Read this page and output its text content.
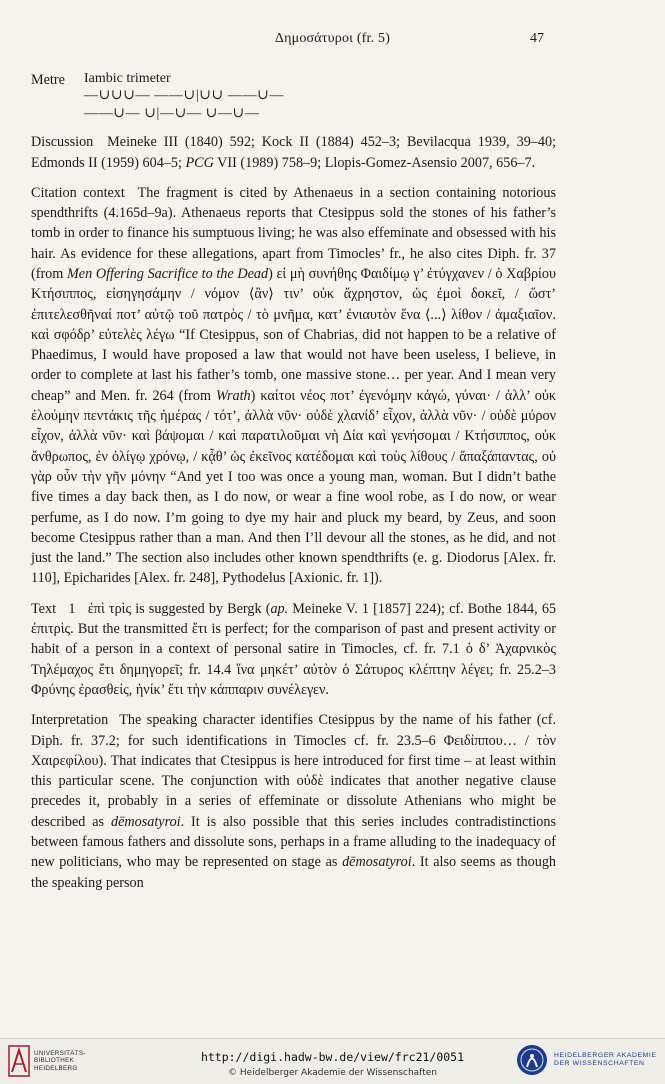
Δημοσάτυροι (fr. 5)	47
Metre	Iambic trimeter
—∪∪∪— ——∪|∪∪ ——∪—
——∪— ∪|—∪— ∪—∪—

Discussion Meineke III (1840) 592; Kock II (1884) 452–3; Bevilacqua 1939, 39–40; Edmonds II (1959) 604–5; PCG VII (1989) 758–9; Llopis-Gomez-Asensio 2007, 656–7.

Citation context The fragment is cited by Athenaeus in a section containing notorious spendthrifts (4.165d–9a). Athenaeus reports that Ctesippus sold the stones of his father’s tomb in order to finance his sumptuous living; he was also effeminate and obsessed with his hair. As evidence for these allegations, apart from Timocles’ fr., he also cites Diph. fr. 37 (from Men Offering Sacrifice to the Dead) εἰ μὴ συνήθης Φαιδίμῳ γ’ ἐτύγχανεν / ὁ Χαβρίου Κτήσιππος, εἰσηγησάμην / νόμον ⟨ἂν⟩ τιν’ οὐκ ἄχρηστον, ὡς ἐμοὶ δοκεῖ, / ὥστ’ ἐπιτελεσθῆναί ποτ’ αὐτῷ τοῦ πατρὸς / τὸ μνῆμα, κατ’ ἐνιαυτὸν ἕνα ⟨...⟩ λίθον / ἁμαξιαῖον. καὶ σφόδρ’ εὐτελὲς λέγω “If Ctesippus, son of Chabrias, did not happen to be a relative of Phaedimus, I would have proposed a law that would not have been useless, I believe, in order to complete at last his father’s tomb, one massive stone… per year. And I mean very cheap” and Men. fr. 264 (from Wrath) καίτοι νέος ποτ’ ἐγενόμην κἀγώ, γύναι· / ἀλλ’ οὐκ ἐλούμην πεντάκις τῆς ἡμέρας / τότ’, ἀλλὰ νῦν· οὐδὲ χλανίδ’ εἶχον, ἀλλὰ νῦν· / οὐδὲ μύρον εἶχον, ἀλλὰ νῦν· καὶ βάψομαι / καὶ παρατιλοῦμαι νὴ Δία καὶ γενήσομαι / Κτήσιππος, οὐκ ἄνθρωπος, ἐν ὀλίγῳ χρόνῳ, / κᾆθ’ ὡς ἐκεῖνος κατέδομαι καὶ τοὺς λίθους / ἅπαξάπαντας, οὐ γὰρ οὖν τὴν γῆν μόνην “And yet I too was once a young man, woman. But I didn’t bathe five times a day back then, as I do now, or wear a fine wool robe, as I do now, or wear perfume, as I do now. I’m going to dye my hair and pluck my beard, by Zeus, and soon become Ctesippus rather than a man. And then I’ll devour all the stones, as he did, and not just the land.” The section also includes other known spendthrifts (e. g. Diodorus [Alex. fr. 110], Epicharides [Alex. fr. 248], Pythodelus [Axionic. fr. 1]).

Text 1 ἐπὶ τρὶς is suggested by Bergk (ap. Meineke V. 1 [1857] 224); cf. Bothe 1844, 65 ἐπιτρὶς. But the transmitted ἔτι is perfect; for the comparison of past and present activity or habit of a person in a context of personal satire in Timocles, cf. fr. 7.1 ὁ δ’ Ἀχαρνικὸς Τηλέμαχος ἔτι δημηγορεῖ; fr. 14.4 ἵνα μηκέτ’ αὐτὸν ὁ Σάτυρος κλέπτην λέγει; fr. 25.2–3 Φρύνης ἐρασθείς, ἡνίκ’ ἔτι τὴν κάππαριν συνέλεγεν.

Interpretation The speaking character identifies Ctesippus by the name of his father (cf. Diph. fr. 37.2; for such identifications in Timocles cf. fr. 23.5–6 Φειδίππου… / τὸν Χαιρεφίλου). That indicates that Ctesippus is here introduced for first time – at least within this particular scene. The conjunction with οὐδὲ indicates that another negative clause precedes it, probably in a series of effeminate or dissolute Athenians who might be described as dēmosatyroi. It is also possible that this series includes contradistinctions between famous fathers and dissolute sons, perhaps in a frame alluding to the inadequacy of new politicians, who may be represented on stage as dēmosatyroi. It also seems as though the speaking person

UNIVERSITÄTS-
BIBLIOTHEK
HEIDELBERG
http://digi.hadw-bw.de/view/frc21/0051
© Heidelberger Akademie der Wissenschaften
HEIDELBERGER AKADEMIE
DER WISSENSCHAFTEN
